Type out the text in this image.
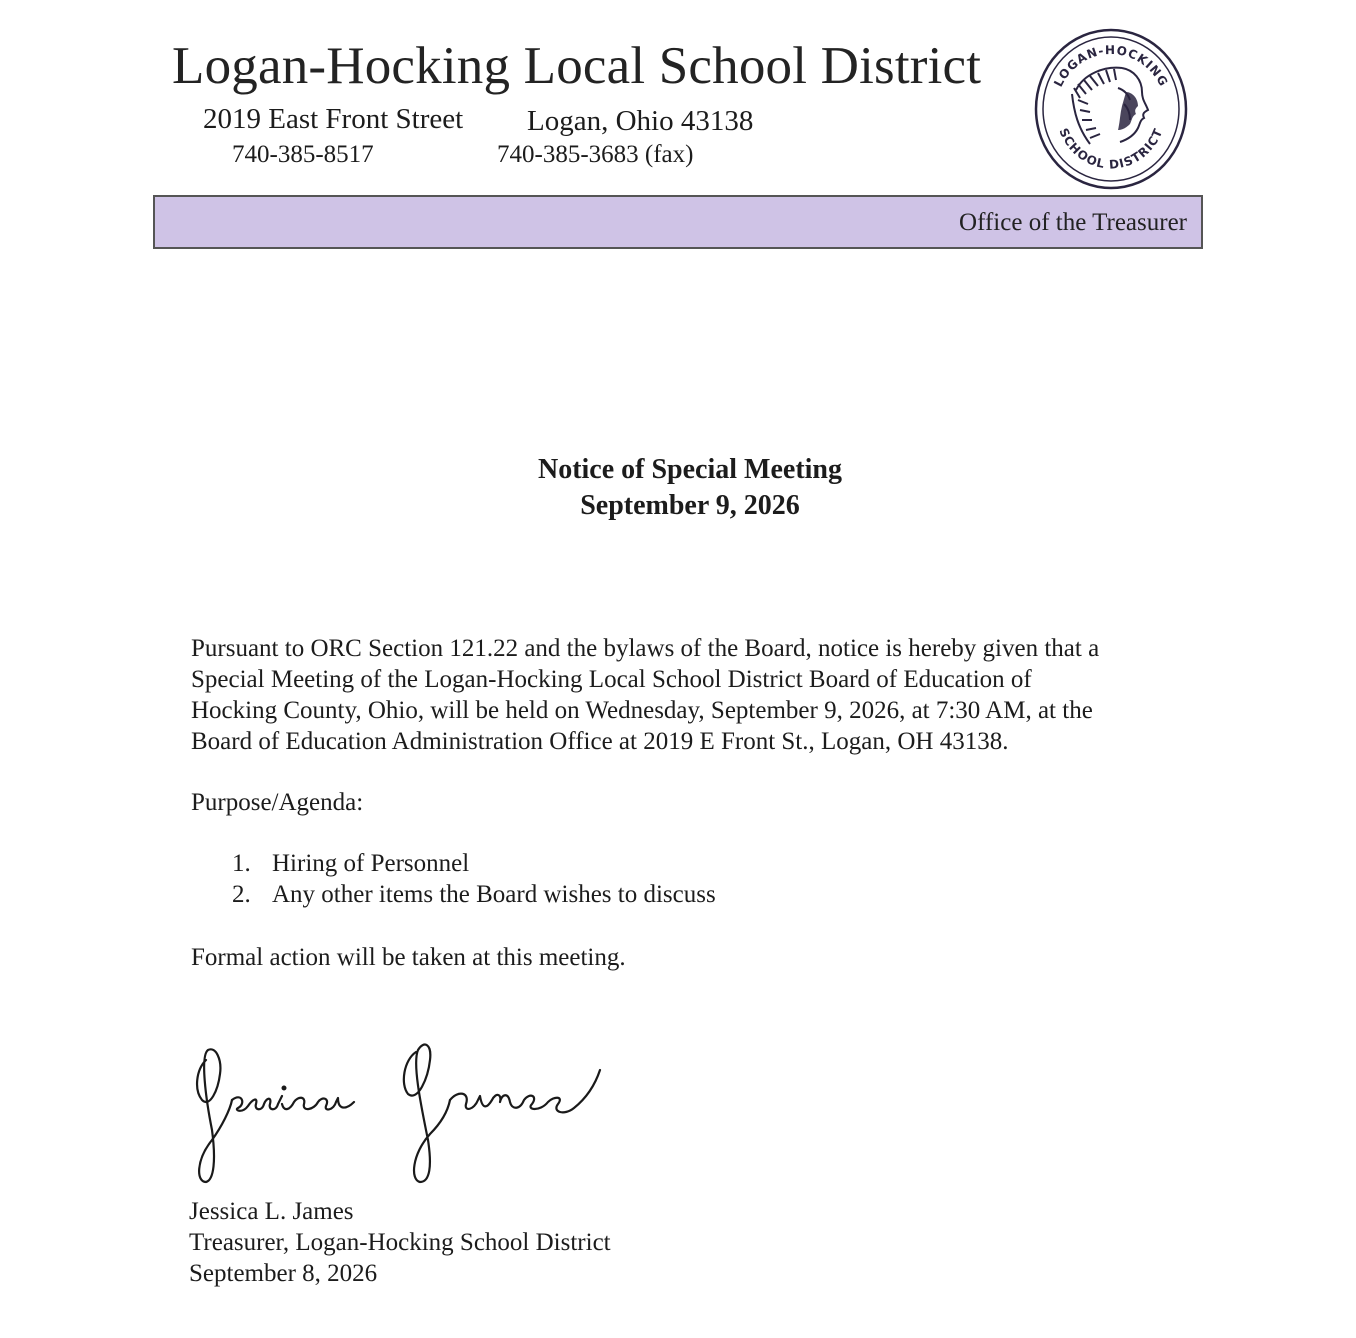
Logan-Hocking Local School District
2019 East Front Street Logan, Ohio 43138
740-385-8517	740-385-3683 (fax)
LOGAN-HOCKING
SCHOOL DISTRICT
Office of the Treasurer
Notice of Special Meeting
September 9, 2026
Pursuant to ORC Section 121.22 and the bylaws of the Board, notice is hereby given that a
Special Meeting of the Logan-Hocking Local School District Board of Education of
Hocking County, Ohio, will be held on Wednesday, September 9, 2026, at 7:30 AM, at the
Board of Education Administration Office at 2019 E Front St., Logan, OH 43138.
Purpose/Agenda:
1. Hiring of Personnel
2. Any other items the Board wishes to discuss
Formal action will be taken at this meeting.
Jessica L. James
Treasurer, Logan-Hocking School District
September 8, 2026
